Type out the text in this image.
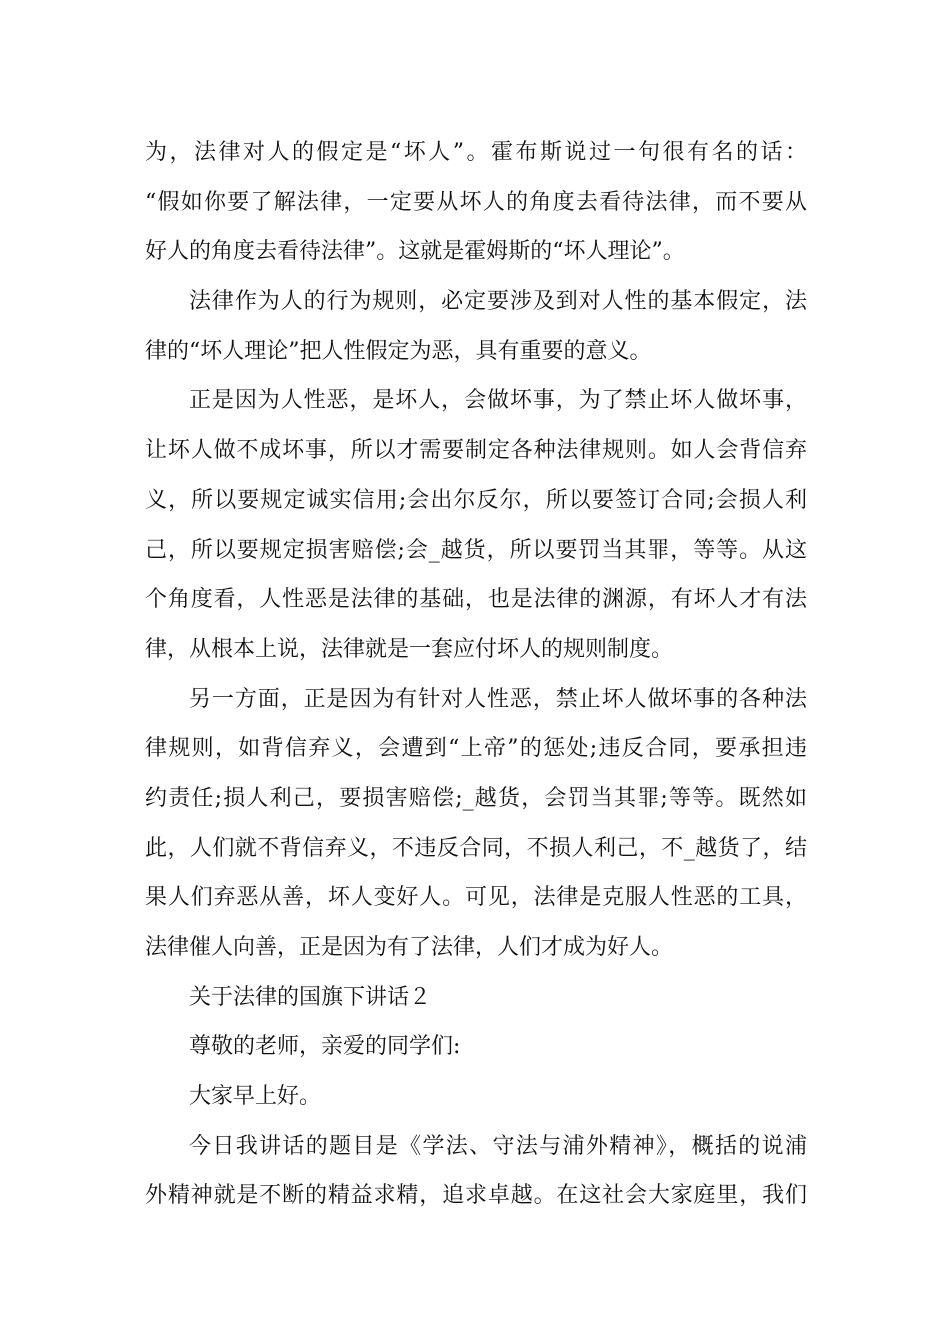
为，法律对人的假定是“坏人”。霍布斯说过一句很有名的话：
“假如你要了解法律，一定要从坏人的角度去看待法律，而不要从
好人的角度去看待法律”。这就是霍姆斯的“坏人理论”。
法律作为人的行为规则，必定要涉及到对人性的基本假定，法
律的“坏人理论”把人性假定为恶，具有重要的意义。
正是因为人性恶，是坏人，会做坏事，为了禁止坏人做坏事，
让坏人做不成坏事，所以才需要制定各种法律规则。如人会背信弃
义，所以要规定诚实信用;会出尔反尔，所以要签订合同;会损人利
己，所以要规定损害赔偿;会_越货，所以要罚当其罪，等等。从这
个角度看，人性恶是法律的基础，也是法律的渊源，有坏人才有法
律，从根本上说，法律就是一套应付坏人的规则制度。
另一方面，正是因为有针对人性恶，禁止坏人做坏事的各种法
律规则，如背信弃义，会遭到“上帝”的惩处;违反合同，要承担违
约责任;损人利己，要损害赔偿;_越货，会罚当其罪;等等。既然如
此，人们就不背信弃义，不违反合同，不损人利己，不_越货了，结
果人们弃恶从善，坏人变好人。可见，法律是克服人性恶的工具，
法律催人向善，正是因为有了法律，人们才成为好人。
关于法律的国旗下讲话２
尊敬的老师，亲爱的同学们:
大家早上好。
今日我讲话的题目是《学法、守法与浦外精神》，概括的说浦
外精神就是不断的精益求精，追求卓越。在这社会大家庭里，我们
